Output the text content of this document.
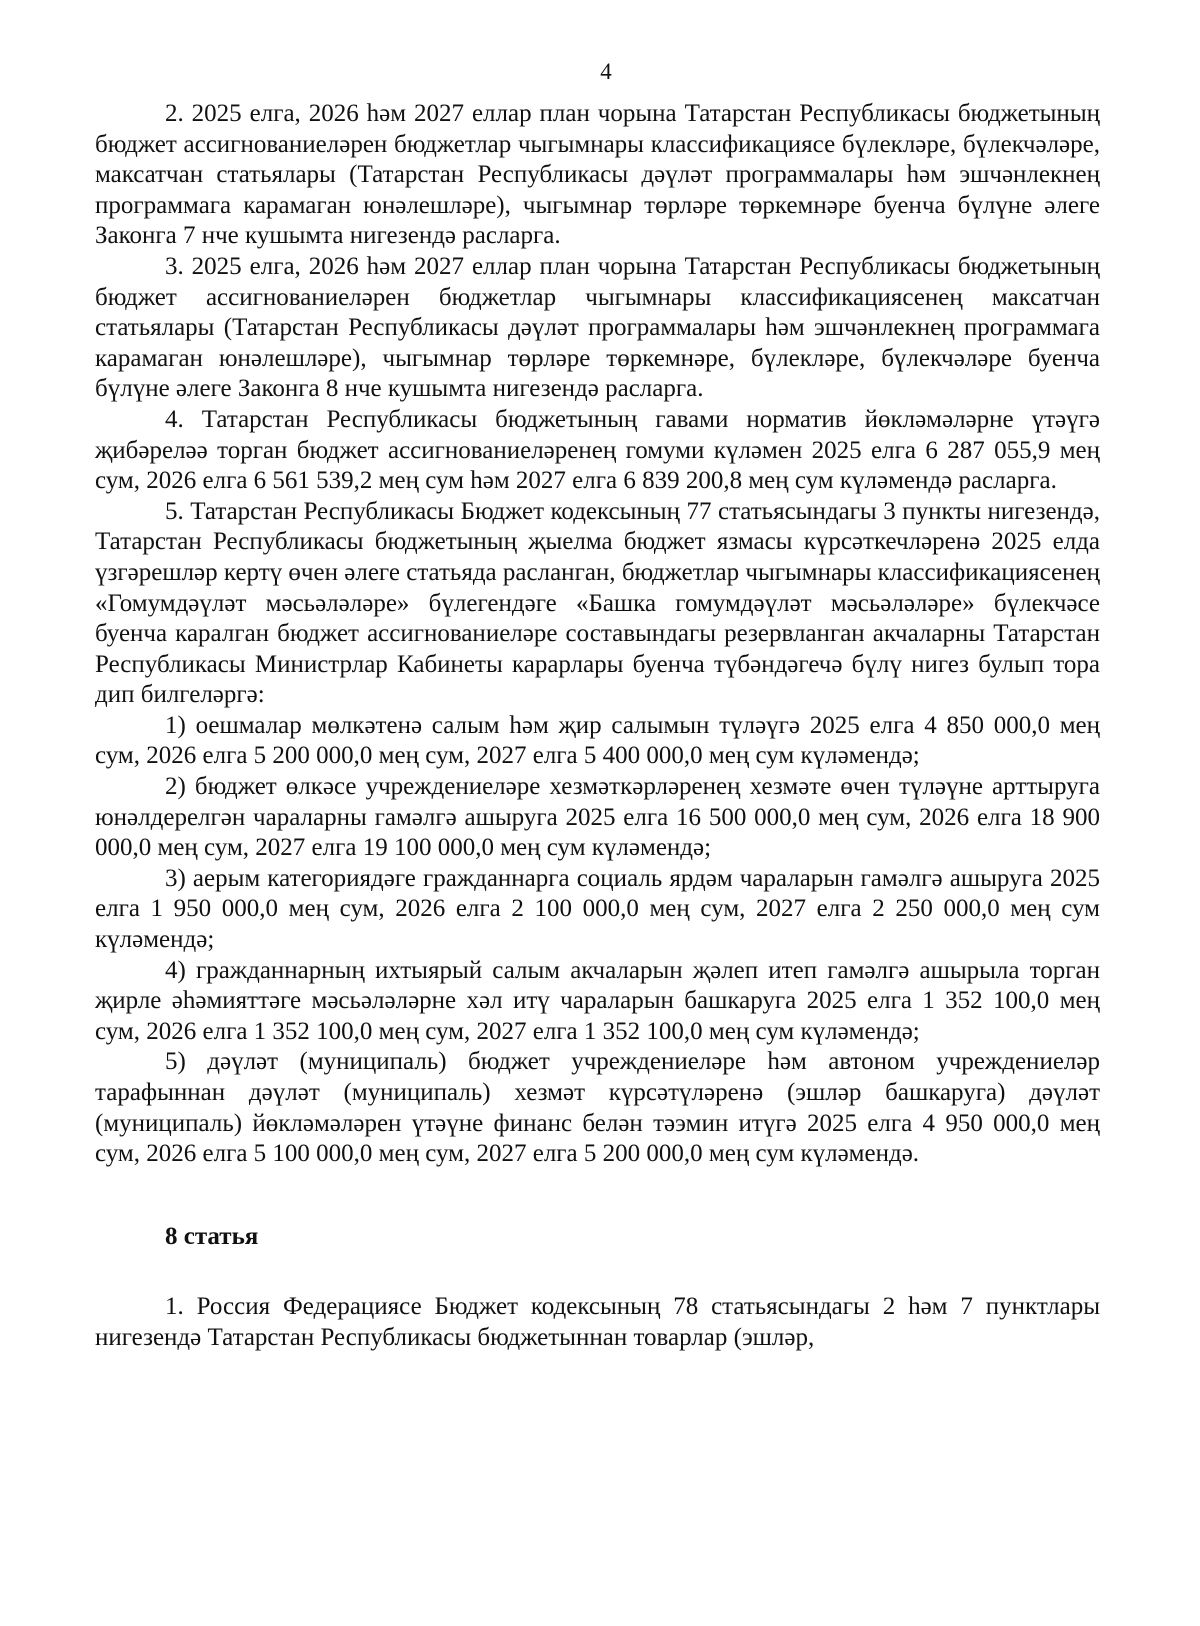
4

2. 2025 елга, 2026 һәм 2027 еллар план чорына Татарстан Республикасы бюджетының бюджет ассигнованиеләрен бюджетлар чыгымнары классификациясе бүлекләре, бүлекчәләре, максатчан статьялары (Татарстан Республикасы дәүләт программалары һәм эшчәнлекнең программага карамаган юнәлешләре), чыгымнар төрләре төркемнәре буенча бүлүне әлеге Законга 7 нче кушымта нигезендә расларга.

3. 2025 елга, 2026 һәм 2027 еллар план чорына Татарстан Республикасы бюджетының бюджет ассигнованиеләрен бюджетлар чыгымнары классификациясенең максатчан статьялары (Татарстан Республикасы дәүләт программалары һәм эшчәнлекнең программага карамаган юнәлешләре), чыгымнар төрләре төркемнәре, бүлекләре, бүлекчәләре буенча бүлүне әлеге Законга 8 нче кушымта нигезендә расларга.

4. Татарстан Республикасы бюджетының гавами норматив йөкләмәләрне үтәүгә җибәреләә торган бюджет ассигнованиеләренең гомуми күләмен 2025 елга 6 287 055,9 мең сум, 2026 елга 6 561 539,2 мең сум һәм 2027 елга 6 839 200,8 мең сум күләмендә расларга.

5. Татарстан Республикасы Бюджет кодексының 77 статьясындагы 3 пункты нигезендә, Татарстан Республикасы бюджетының җыелма бюджет язмасы күрсәткечләренә 2025 елда үзгәрешләр кертү өчен әлеге статьяда расланган, бюджетлар чыгымнары классификациясенең «Гомумдәүләт мәсьәләләре» бүлегендәге «Башка гомумдәүләт мәсьәләләре» бүлекчәсе буенча каралган бюджет ассигнованиеләре составындагы резервланган акчаларны Татарстан Республикасы Министрлар Кабинеты карарлары буенча түбәндәгечә бүлү нигез булып тора дип билгеләргә:

1) оешмалар мөлкәтенә салым һәм җир салымын түләүгә 2025 елга 4 850 000,0 мең сум, 2026 елга 5 200 000,0 мең сум, 2027 елга 5 400 000,0 мең сум күләмендә;

2) бюджет өлкәсе учреждениеләре хезмәткәрләренең хезмәте өчен түләүне арттыруга юнәлдерелгән чараларны гамәлгә ашыруга 2025 елга 16 500 000,0 мең сум, 2026 елга 18 900 000,0 мең сум, 2027 елга 19 100 000,0 мең сум күләмендә;

3) аерым категориядәге гражданнарга социаль ярдәм чараларын гамәлгә ашыруга 2025 елга 1 950 000,0 мең сум, 2026 елга 2 100 000,0 мең сум, 2027 елга 2 250 000,0 мең сум күләмендә;

4) гражданнарның ихтыярый салым акчаларын җәлеп итеп гамәлгә ашырыла торган җирле әһәмияттәге мәсьәләләрне хәл итү чараларын башкаруга 2025 елга 1 352 100,0 мең сум, 2026 елга 1 352 100,0 мең сум, 2027 елга 1 352 100,0 мең сум күләмендә;

5) дәүләт (муниципаль) бюджет учреждениеләре һәм автоном учреждениеләр тарафыннан дәүләт (муниципаль) хезмәт күрсәтүләренә (эшләр башкаруга) дәүләт (муниципаль) йөкләмәләрен үтәүне финанс белән тәэмин итүгә 2025 елга 4 950 000,0 мең сум, 2026 елга 5 100 000,0 мең сум, 2027 елга 5 200 000,0 мең сум күләмендә.

8 статья

1. Россия Федерациясе Бюджет кодексының 78 статьясындагы 2 һәм 7 пунктлары нигезендә Татарстан Республикасы бюджетыннан товарлар (эшләр,
